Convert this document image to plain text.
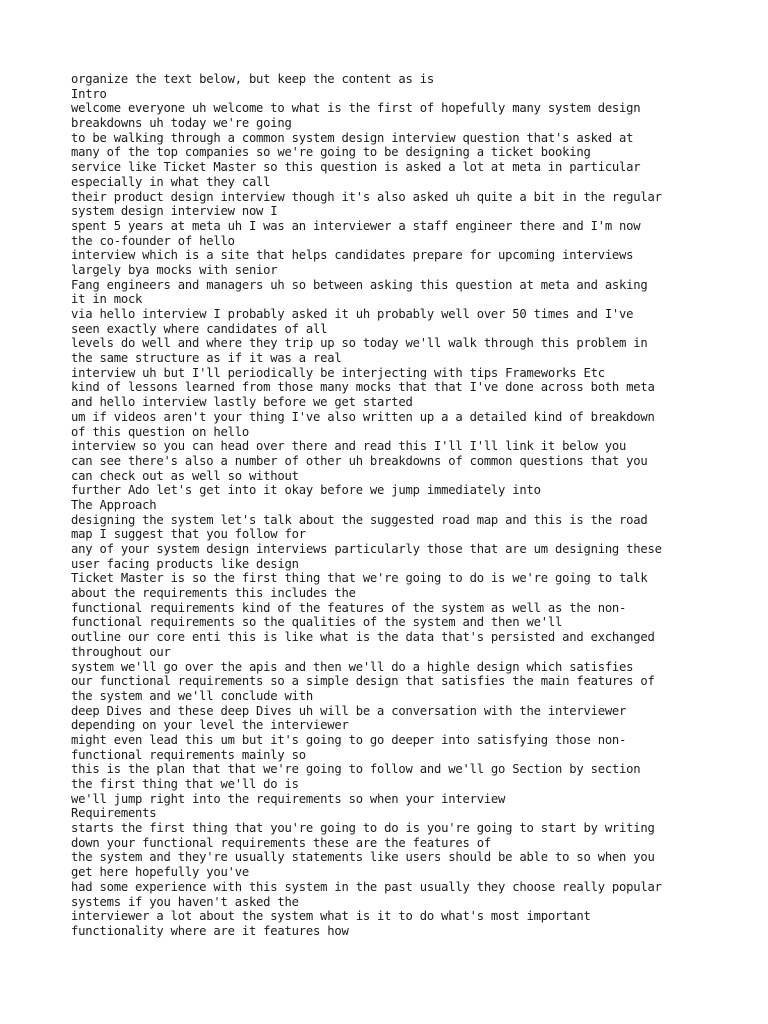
organize the text below, but keep the content as is
Intro
welcome everyone uh welcome to what is the first of hopefully many system design
breakdowns uh today we're going
to be walking through a common system design interview question that's asked at
many of the top companies so we're going to be designing a ticket booking
service like Ticket Master so this question is asked a lot at meta in particular
especially in what they call
their product design interview though it's also asked uh quite a bit in the regular
system design interview now I
spent 5 years at meta uh I was an interviewer a staff engineer there and I'm now
the co-founder of hello
interview which is a site that helps candidates prepare for upcoming interviews
largely bya mocks with senior
Fang engineers and managers uh so between asking this question at meta and asking
it in mock
via hello interview I probably asked it uh probably well over 50 times and I've
seen exactly where candidates of all
levels do well and where they trip up so today we'll walk through this problem in
the same structure as if it was a real
interview uh but I'll periodically be interjecting with tips Frameworks Etc
kind of lessons learned from those many mocks that that I've done across both meta
and hello interview lastly before we get started
um if videos aren't your thing I've also written up a a detailed kind of breakdown
of this question on hello
interview so you can head over there and read this I'll I'll link it below you
can see there's also a number of other uh breakdowns of common questions that you
can check out as well so without
further Ado let's get into it okay before we jump immediately into
The Approach
designing the system let's talk about the suggested road map and this is the road
map I suggest that you follow for
any of your system design interviews particularly those that are um designing these
user facing products like design
Ticket Master is so the first thing that we're going to do is we're going to talk
about the requirements this includes the
functional requirements kind of the features of the system as well as the non-
functional requirements so the qualities of the system and then we'll
outline our core enti this is like what is the data that's persisted and exchanged
throughout our
system we'll go over the apis and then we'll do a highle design which satisfies
our functional requirements so a simple design that satisfies the main features of
the system and we'll conclude with
deep Dives and these deep Dives uh will be a conversation with the interviewer
depending on your level the interviewer
might even lead this um but it's going to go deeper into satisfying those non-
functional requirements mainly so
this is the plan that that we're going to follow and we'll go Section by section
the first thing that we'll do is
we'll jump right into the requirements so when your interview
Requirements
starts the first thing that you're going to do is you're going to start by writing
down your functional requirements these are the features of
the system and they're usually statements like users should be able to so when you
get here hopefully you've
had some experience with this system in the past usually they choose really popular
systems if you haven't asked the
interviewer a lot about the system what is it to do what's most important
functionality where are it features how
